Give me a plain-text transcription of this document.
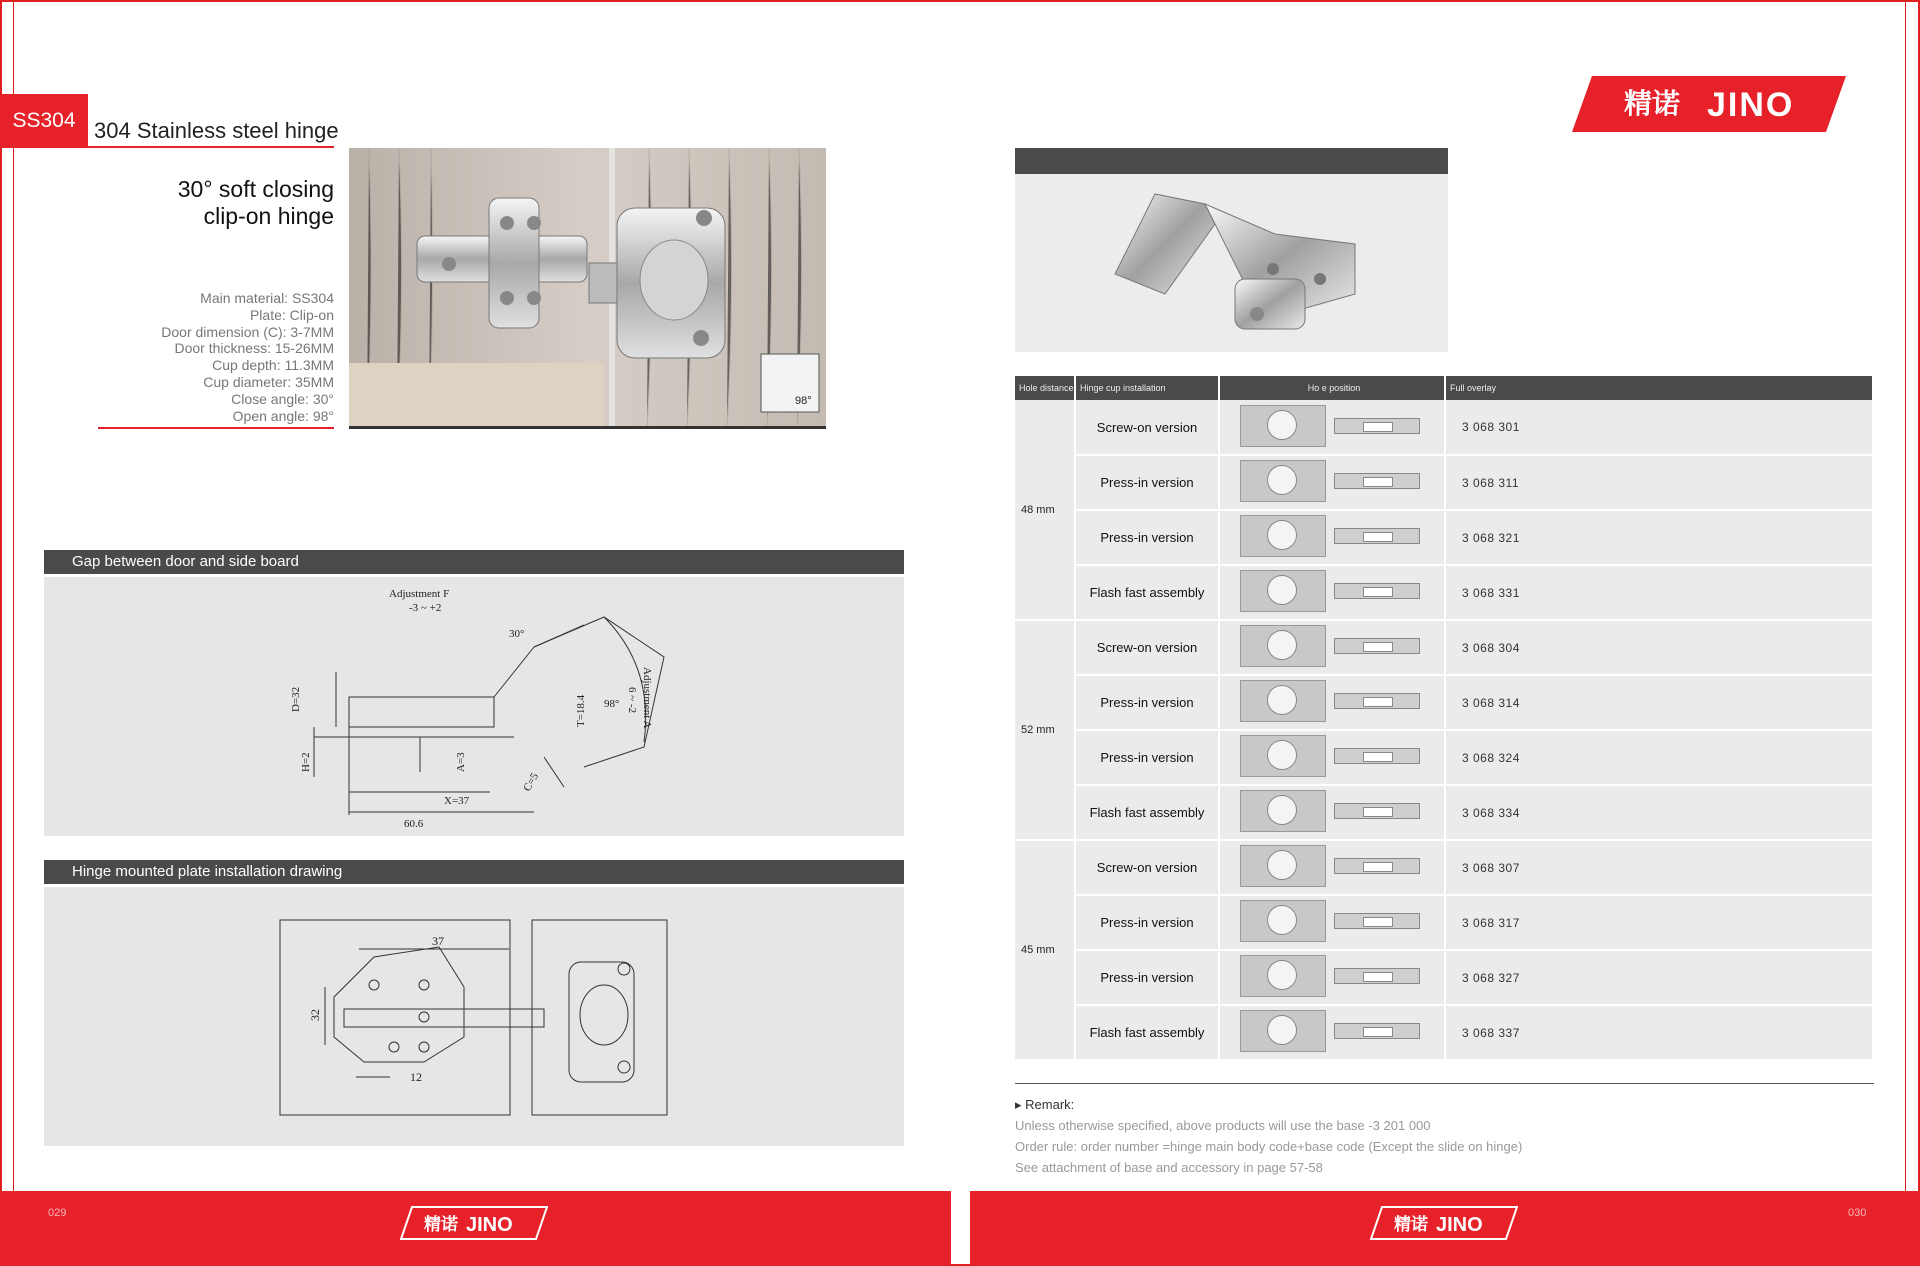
SS304 304 Stainless steel hinge
30° soft closing
clip-on hinge
Main material: SS304
Plate: Clip-on
Door dimension (C): 3-7MM
Door thickness: 15-26MM
Cup depth: 11.3MM
Cup diameter: 35MM
Close angle: 30°
Open angle: 98°
98°
Gap between door and side board
Adjustment F
-3 ~ +2
30°
98° Adjustment A
6 ~ -2
D=32
H=2	A=3
T=18.4
X=37
C=5
60.6
Hinge mounted plate installation drawing
37
32
12
精诺 JINO
Hole distance	Hinge cup installation	Ho e position	Full overlay
48 mm	Screw-on version		3 068 301
	Press-in version		3 068 311
	Press-in version		3 068 321
	Flash fast assembly		3 068 331
52 mm	Screw-on version		3 068 304
	Press-in version		3 068 314
	Press-in version		3 068 324
	Flash fast assembly		3 068 334
45 mm	Screw-on version		3 068 307
	Press-in version		3 068 317
	Press-in version		3 068 327
	Flash fast assembly		3 068 337
▸ Remark:
Unless otherwise specified, above products will use the base -3 201 000
Order rule: order number =hinge main body code+base code (Except the slide on hinge)
See attachment of base and accessory in page 57-58
029	030
精诺 JINO	精诺 JINO
